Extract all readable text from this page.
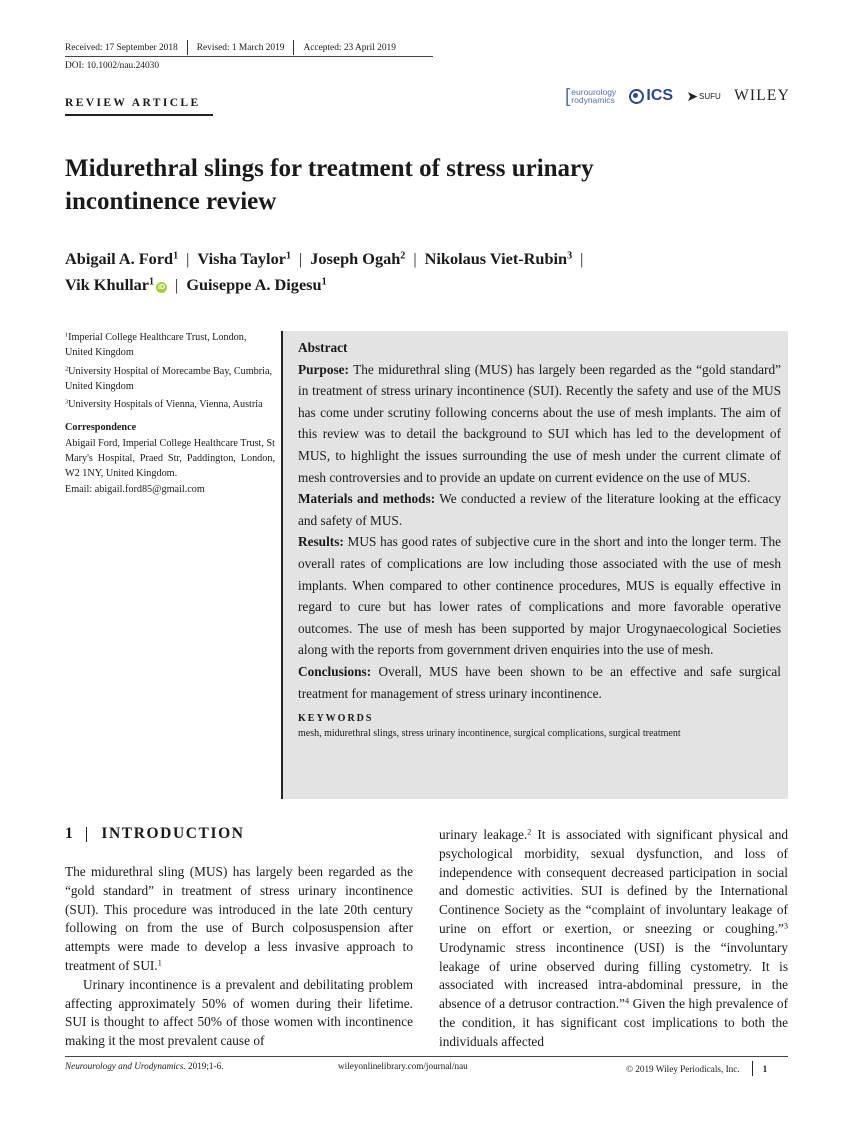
Received: 17 September 2018 Revised: 1 March 2019 Accepted: 23 April 2019
DOI: 10.1002/nau.24030
REVIEW ARTICLE	[ eurourology
rodynamics ICS ➤ SUFU WILEY
Midurethral slings for treatment of stress urinary incontinence review
Abigail A. Ford$^1$ | Visha Taylor$^1$ | Joseph Ogah$^2$ | Nikolaus Viet-Rubin$^3$ |
Vik Khullar$^1$iD | Guiseppe A. Digesu$^1$

$^1$Imperial College Healthcare Trust, London, United Kingdom

$^2$University Hospital of Morecambe Bay, Cumbria, United Kingdom

$^3$University Hospitals of Vienna, Vienna, Austria

Correspondence

Abigail Ford, Imperial College Healthcare Trust, St Mary's Hospital, Praed Str, Paddington, London, W2 1NY, United Kingdom.

Email: abigail.ford85@gmail.com

Abstract

Purpose: The midurethral sling (MUS) has largely been regarded as the “gold standard” in treatment of stress urinary incontinence (SUI). Recently the safety and use of the MUS has come under scrutiny following concerns about the use of mesh implants. The aim of this review was to detail the background to SUI which has led to the development of MUS, to highlight the issues surrounding the use of mesh under the current climate of mesh controversies and to provide an update on current evidence on the use of MUS.

Materials and methods: We conducted a review of the literature looking at the efficacy and safety of MUS.

Results: MUS has good rates of subjective cure in the short and into the longer term. The overall rates of complications are low including those associated with the use of mesh implants. When compared to other continence procedures, MUS is equally effective in regard to cure but has lower rates of complications and more favorable operative outcomes. The use of mesh has been supported by major Urogynaecological Societies along with the reports from government driven enquiries into the use of mesh.

Conclusions: Overall, MUS have been shown to be an effective and safe surgical treatment for management of stress urinary incontinence.

KEYWORDS
mesh, midurethral slings, stress urinary incontinence, surgical complications, surgical treatment
1 INTRODUCTION

The midurethral sling (MUS) has largely been regarded as the “gold standard” in treatment of stress urinary incontinence (SUI). This procedure was introduced in the late 20th century following on from the use of Burch colposuspension after attempts were made to develop a less invasive approach to treatment of SUI.$^1$

Urinary incontinence is a prevalent and debilitating problem affecting approximately 50% of women during their lifetime. SUI is thought to affect 50% of those women with incontinence making it the most prevalent cause of

urinary leakage.$^2$ It is associated with significant physical and psychological morbidity, sexual dysfunction, and loss of independence with consequent decreased participation in social and domestic activities. SUI is defined by the International Continence Society as the “complaint of involuntary leakage of urine on effort or exertion, or sneezing or coughing.”$^3$ Urodynamic stress incontinence (USI) is the “involuntary leakage of urine observed during filling cystometry. It is associated with increased intra-abdominal pressure, in the absence of a detrusor contraction.”$^4$ Given the high prevalence of the condition, it has significant cost implications to both the individuals affected

Neurourology and Urodynamics. 2019;1-6.	wileyonlinelibrary.com/journal/nau	© 2019 Wiley Periodicals, Inc.	1
